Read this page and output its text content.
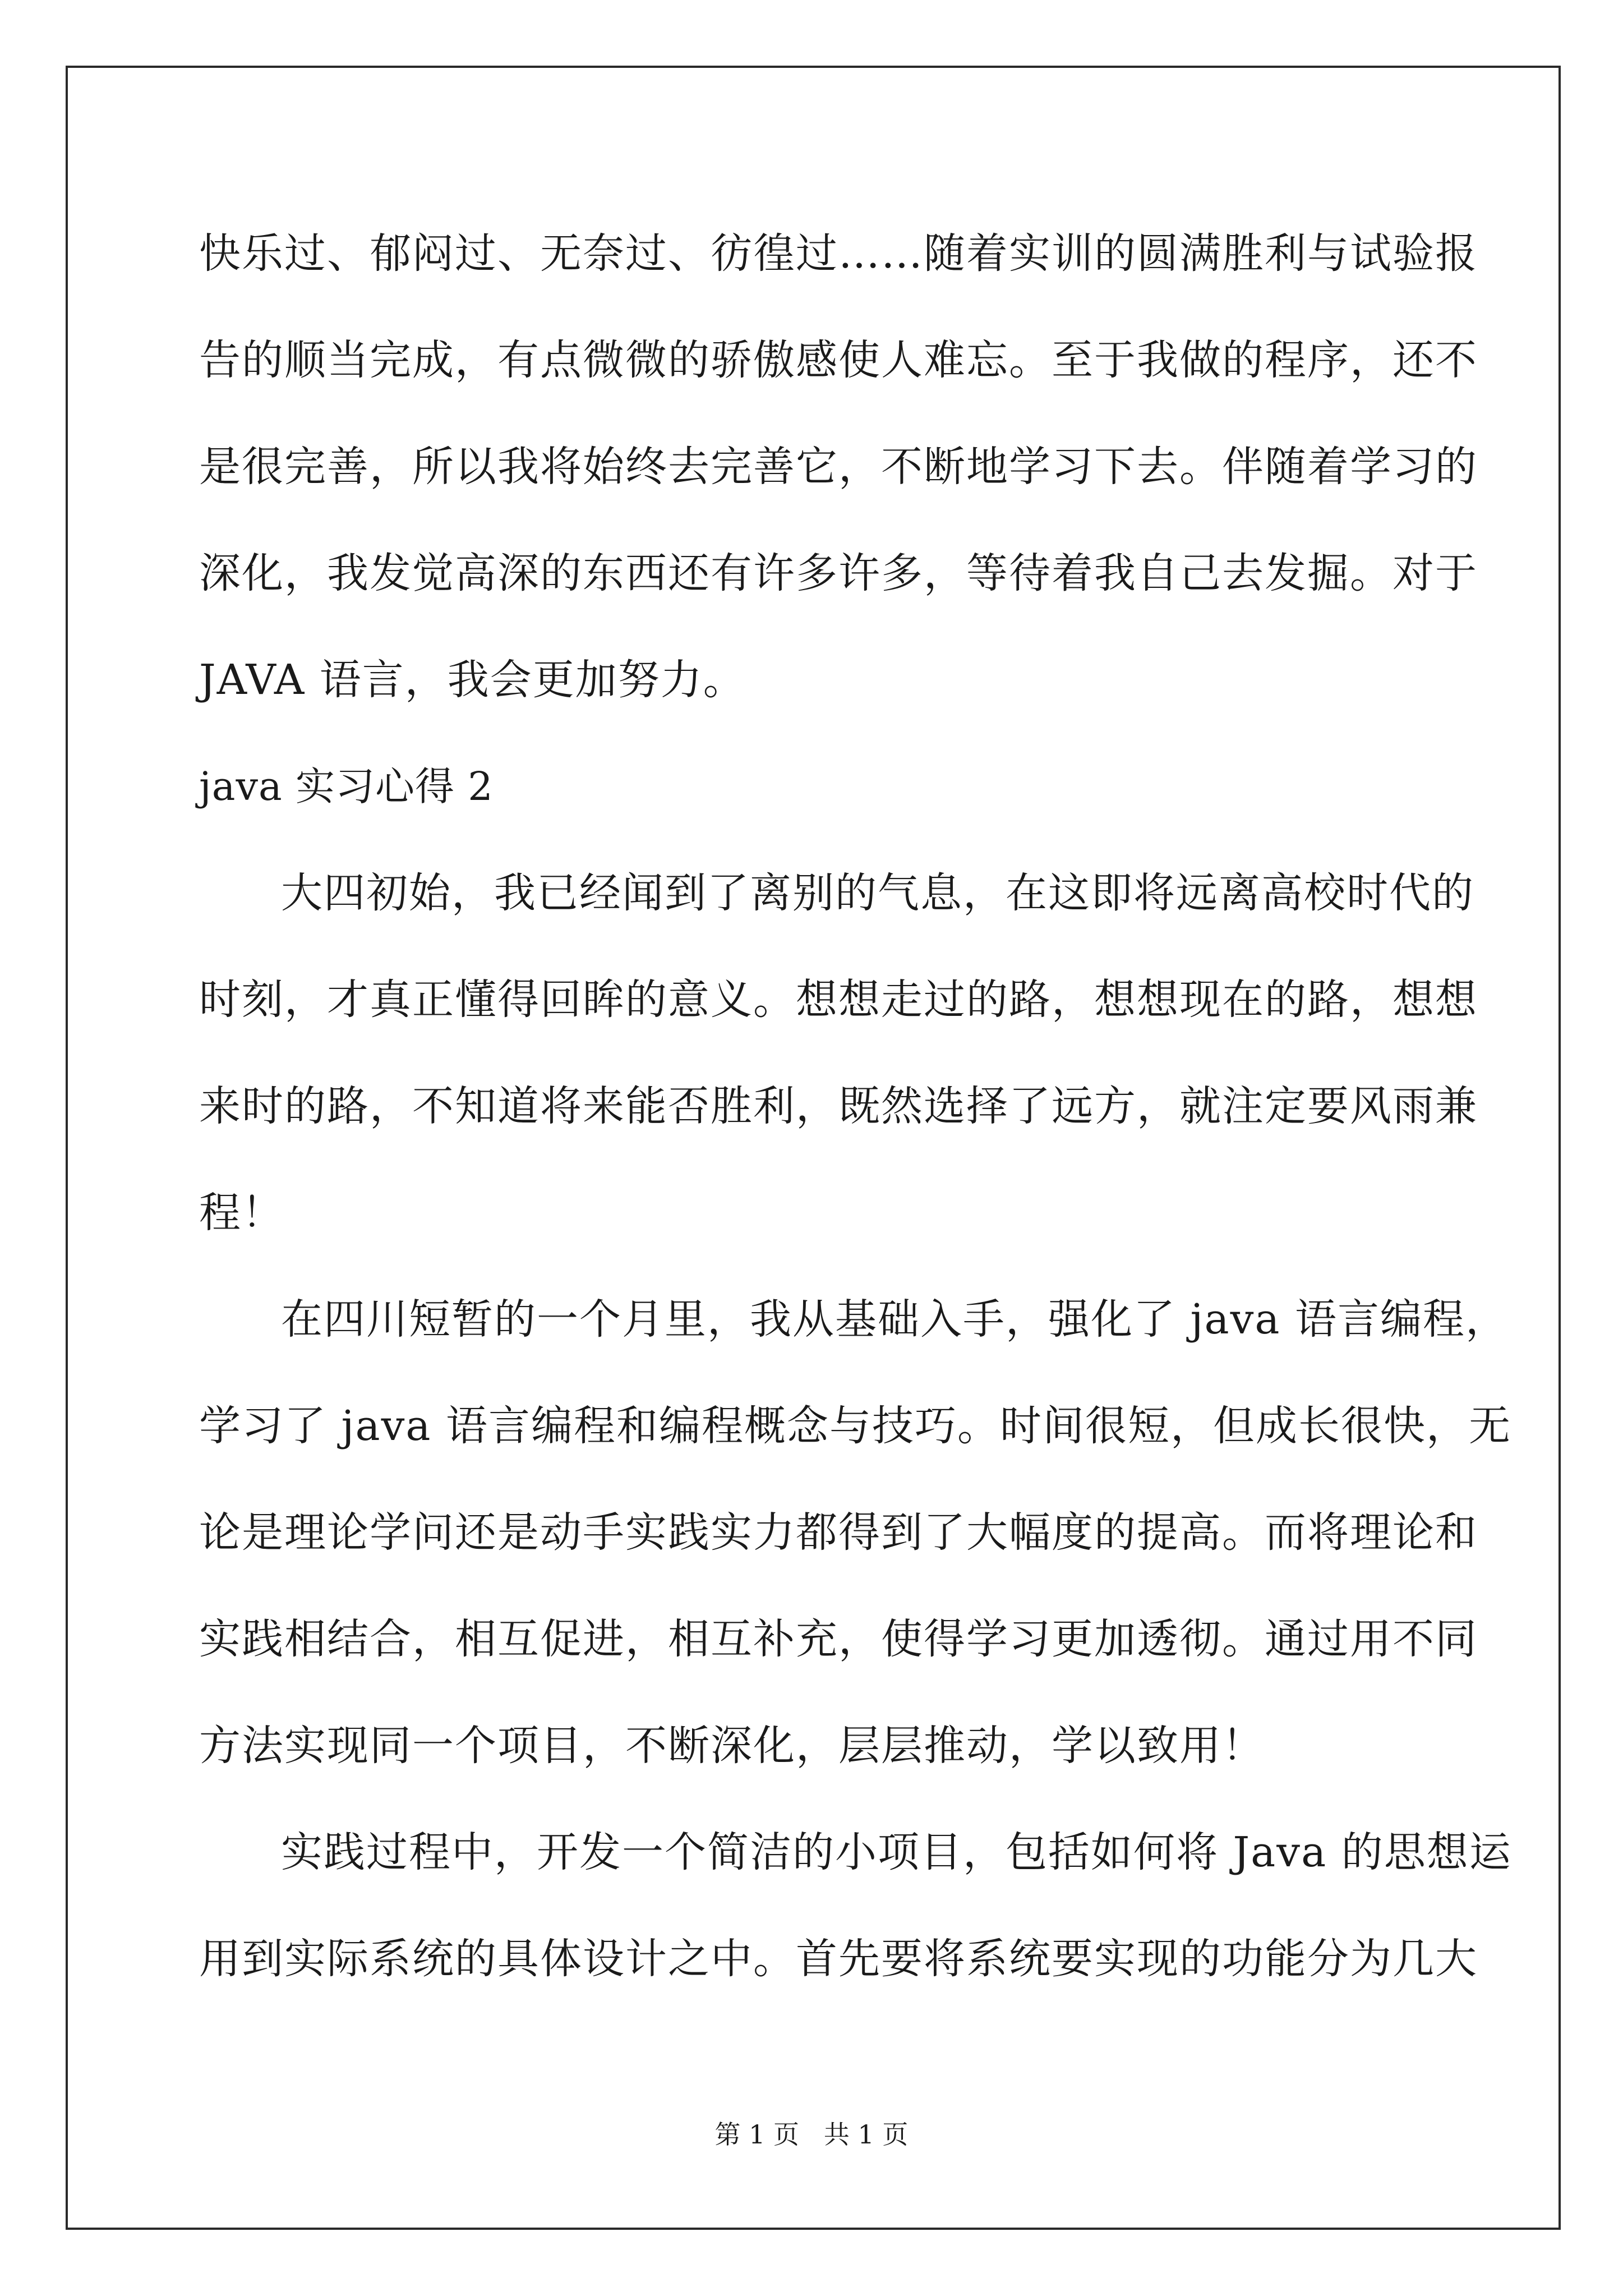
快乐过、郁闷过、无奈过、彷徨过……随着实训的圆满胜利与试验报
告的顺当完成，有点微微的骄傲感使人难忘。至于我做的程序，还不
是很完善，所以我将始终去完善它，不断地学习下去。伴随着学习的
深化，我发觉高深的东西还有许多许多，等待着我自己去发掘。对于
JAVA 语言，我会更加努力。
java 实习心得 2
大四初始，我已经闻到了离别的气息，在这即将远离高校时代的
时刻，才真正懂得回眸的意义。想想走过的路，想想现在的路，想想
来时的路，不知道将来能否胜利，既然选择了远方，就注定要风雨兼
程！
在四川短暂的一个月里，我从基础入手，强化了 java 语言编程，
学习了 java 语言编程和编程概念与技巧。时间很短，但成长很快，无
论是理论学问还是动手实践实力都得到了大幅度的提高。而将理论和
实践相结合，相互促进，相互补充，使得学习更加透彻。通过用不同
方法实现同一个项目，不断深化，层层推动，学以致用！
实践过程中，开发一个简洁的小项目，包括如何将 Java 的思想运
用到实际系统的具体设计之中。首先要将系统要实现的功能分为几大
第 1 页   共 1 页
